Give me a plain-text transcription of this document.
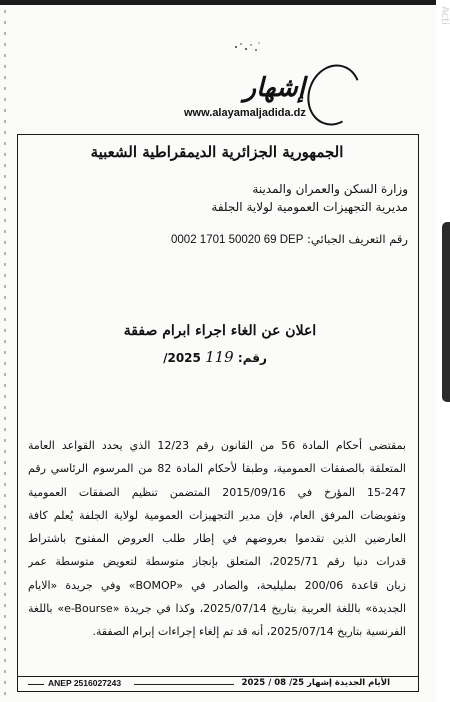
Acti
إشهار
www.alayamaljadida.dz
الجمهورية الجزائرية الديمقراطية الشعبية
وزارة السكن والعمران والمدينة
مديرية التجهيزات العمومية لولاية الجلفة
رقم التعريف الجبائي: 0002 1701 50020 69 DEP
اعلان عن الغاء اجراء ابرام صفقة
رقم: 119 2025/
بمقتضى أحكام المادة 56 من القانون رقم 12/23 الذي يحدد القواعد العامة
المتعلقة بالصفقات العمومية، وطبقا لأحكام المادة 82 من المرسوم الرئاسي رقم
15-247 المؤرخ في 2015/09/16 المتضمن تنظيم الصفقات العمومية
وتفويضات المرفق العام، فإن مدير التجهيزات العمومية لولاية الجلفة يُعلم كافة
العارضين الذين تقدموا بعروضهم في إطار طلب العروض المفتوح باشتراط
قدرات دنيا رقم 2025/71، المتعلق بإنجاز متوسطة لتعويض متوسطة عمر
زبان قاعدة 200/06 بمليليحة، والصادر في «BOMOP» وفي جريدة «الايام
الجديدة» باللغة العربية بتاريخ 2025/07/14، وكذا في جريدة «e-Bourse» باللغة
الفرنسية بتاريخ 2025/07/14، أنه قد تم إلغاء إجراءات إبرام الصفقة.
ANEP 2516027243	الأيام الجديدة إشهار 25/ 08 / 2025
